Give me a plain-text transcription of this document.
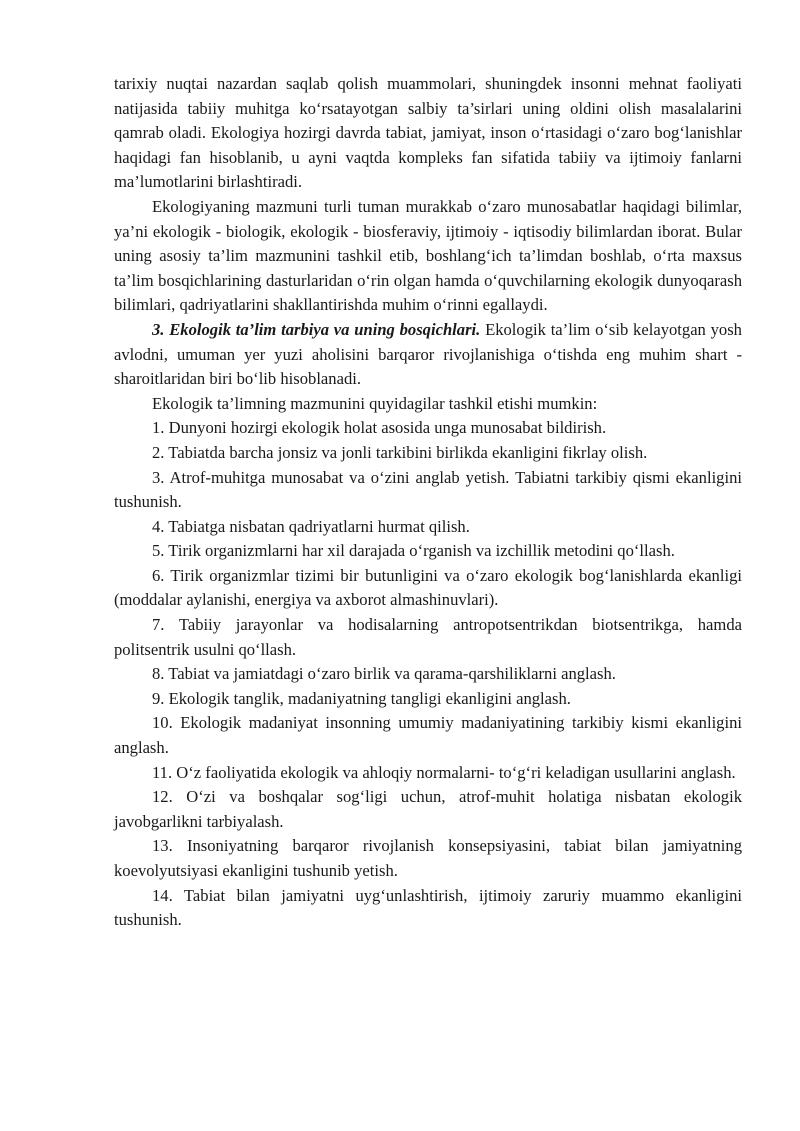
tarixiy nuqtai nazardan saqlab qolish muammolari, shuningdek insonni mehnat faoliyati natijasida tabiiy muhitga ko‘rsatayotgan salbiy ta’sirlari uning oldini olish masalalarini qamrab oladi. Ekologiya hozirgi davrda tabiat, jamiyat, inson o‘rtasidagi o‘zaro bog‘lanishlar haqidagi fan hisoblanib, u ayni vaqtda kompleks fan sifatida tabiiy va ijtimoiy fanlarni ma’lumotlarini birlashtiradi.

Ekologiyaning mazmuni turli tuman murakkab o‘zaro munosabatlar haqidagi bilimlar, ya’ni ekologik - biologik, ekologik - biosferaviy, ijtimoiy - iqtisodiy bilimlardan iborat. Bular uning asosiy ta’lim mazmunini tashkil etib, boshlang‘ich ta’limdan boshlab, o‘rta maxsus ta’lim bosqichlarining dasturlaridan o‘rin olgan hamda o‘quvchilarning ekologik dunyoqarash bilimlari, qadriyatlarini shakllantirishda muhim o‘rinni egallaydi.

3. Ekologik ta’lim tarbiya va uning bosqichlari. Ekologik ta’lim o‘sib kelayotgan yosh avlodni, umuman yer yuzi aholisini barqaror rivojlanishiga o‘tishda eng muhim shart - sharoitlaridan biri bo‘lib hisoblanadi.

Ekologik ta’limning mazmunini quyidagilar tashkil etishi mumkin:

1. Dunyoni hozirgi ekologik holat asosida unga munosabat bildirish.

2. Tabiatda barcha jonsiz va jonli tarkibini birlikda ekanligini fikrlay olish.

3. Atrof-muhitga munosabat va o‘zini anglab yetish. Tabiatni tarkibiy qismi ekanligini tushunish.

4. Tabiatga nisbatan qadriyatlarni hurmat qilish.

5. Tirik organizmlarni har xil darajada o‘rganish va izchillik metodini qo‘llash.

6. Tirik organizmlar tizimi bir butunligini va o‘zaro ekologik bog‘lanishlarda ekanligi (moddalar aylanishi, energiya va axborot almashinuvlari).

7. Tabiiy jarayonlar va hodisalarning antropotsentrikdan biotsentrikga, hamda politsentrik usulni qo‘llash.

8. Tabiat va jamiatdagi o‘zaro birlik va qarama-qarshiliklarni anglash.

9. Ekologik tanglik, madaniyatning tangligi ekanligini anglash.

10. Ekologik madaniyat insonning umumiy madaniyatining tarkibiy kismi ekanligini anglash.

11. O‘z faoliyatida ekologik va ahloqiy normalarni- to‘g‘ri keladigan usullarini anglash.

12. O‘zi va boshqalar sog‘ligi uchun, atrof-muhit holatiga nisbatan ekologik javobgarlikni tarbiyalash.

13. Insoniyatning barqaror rivojlanish konsepsiyasini, tabiat bilan jamiyatning koevolyutsiyasi ekanligini tushunib yetish.

14. Tabiat bilan jamiyatni uyg‘unlashtirish, ijtimoiy zaruriy muammo ekanligini tushunish.
